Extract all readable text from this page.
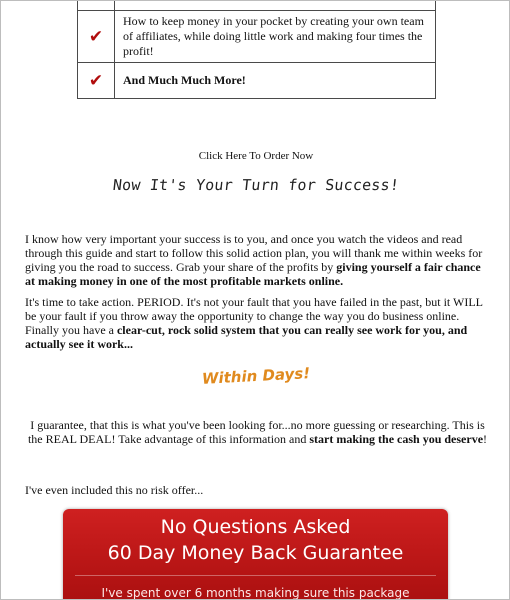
✔	How to keep money in your pocket by creating your own team of affiliates, while doing little work and making four times the profit!
✔	And Much Much More!
Click Here To Order Now
Now It's Your Turn for Success!

I know how very important your success is to you, and once you watch the videos and read through this guide and start to follow this solid action plan, you will thank me within weeks for giving you the road to success. Grab your share of the profits by giving yourself a fair chance at making money in one of the most profitable markets online.

It's time to take action. PERIOD. It's not your fault that you have failed in the past, but it WILL be your fault if you throw away the opportunity to change the way you do business online. Finally you have a clear-cut, rock solid system that you can really see work for you, and actually see it work...

Within Days!

I guarantee, that this is what you've been looking for...no more guessing or researching. This is the REAL DEAL! Take advantage of this information and start making the cash you deserve!

I've even included this no risk offer...

No Questions Asked
60 Day Money Back Guarantee
I've spent over 6 months making sure this package
